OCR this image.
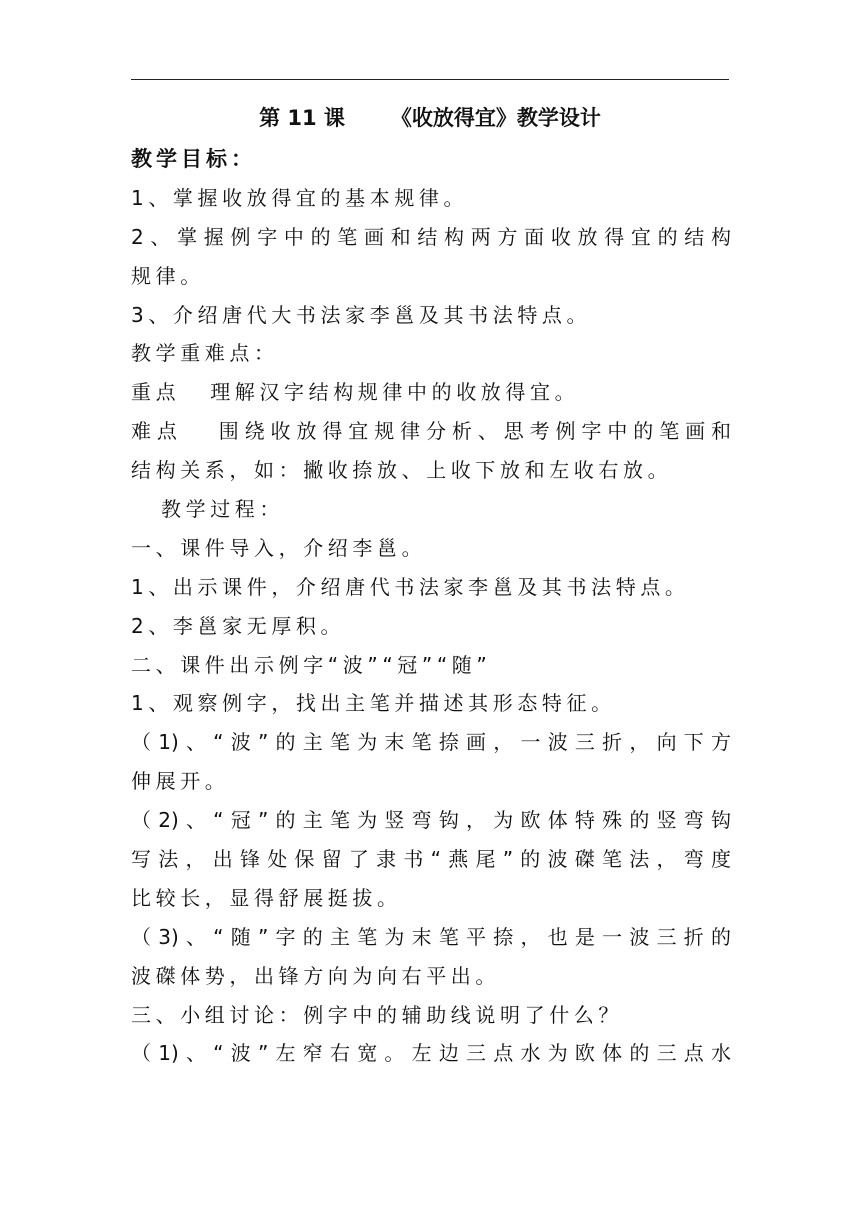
第 11 课 《收放得宜》教学设计
教学目标：
1、掌握收放得宜的基本规律。
2、掌握例字中的笔画和结构两方面收放得宜的结构
规律。
3、介绍唐代大书法家李邕及其书法特点。
教学重难点：
重点 理解汉字结构规律中的收放得宜。
难点 围绕收放得宜规律分析、思考例字中的笔画和
结构关系，如：撇收捺放、上收下放和左收右放。
教学过程：
一、课件导入，介绍李邕。
1、出示课件，介绍唐代书法家李邕及其书法特点。
2、李邕家无厚积。
二、课件出示例字“波”“冠”“随”
1、观察例字，找出主笔并描述其形态特征。
（1)、“波”的主笔为末笔捺画，一波三折，向下方
伸展开。
（2)、“冠”的主笔为竖弯钩，为欧体特殊的竖弯钩
写法，出锋处保留了隶书“燕尾”的波磔笔法，弯度
比较长，显得舒展挺拔。
（3)、“随”字的主笔为末笔平捺，也是一波三折的
波磔体势，出锋方向为向右平出。
三、小组讨论：例字中的辅助线说明了什么？
（1)、“波”左窄右宽。左边三点水为欧体的三点水
